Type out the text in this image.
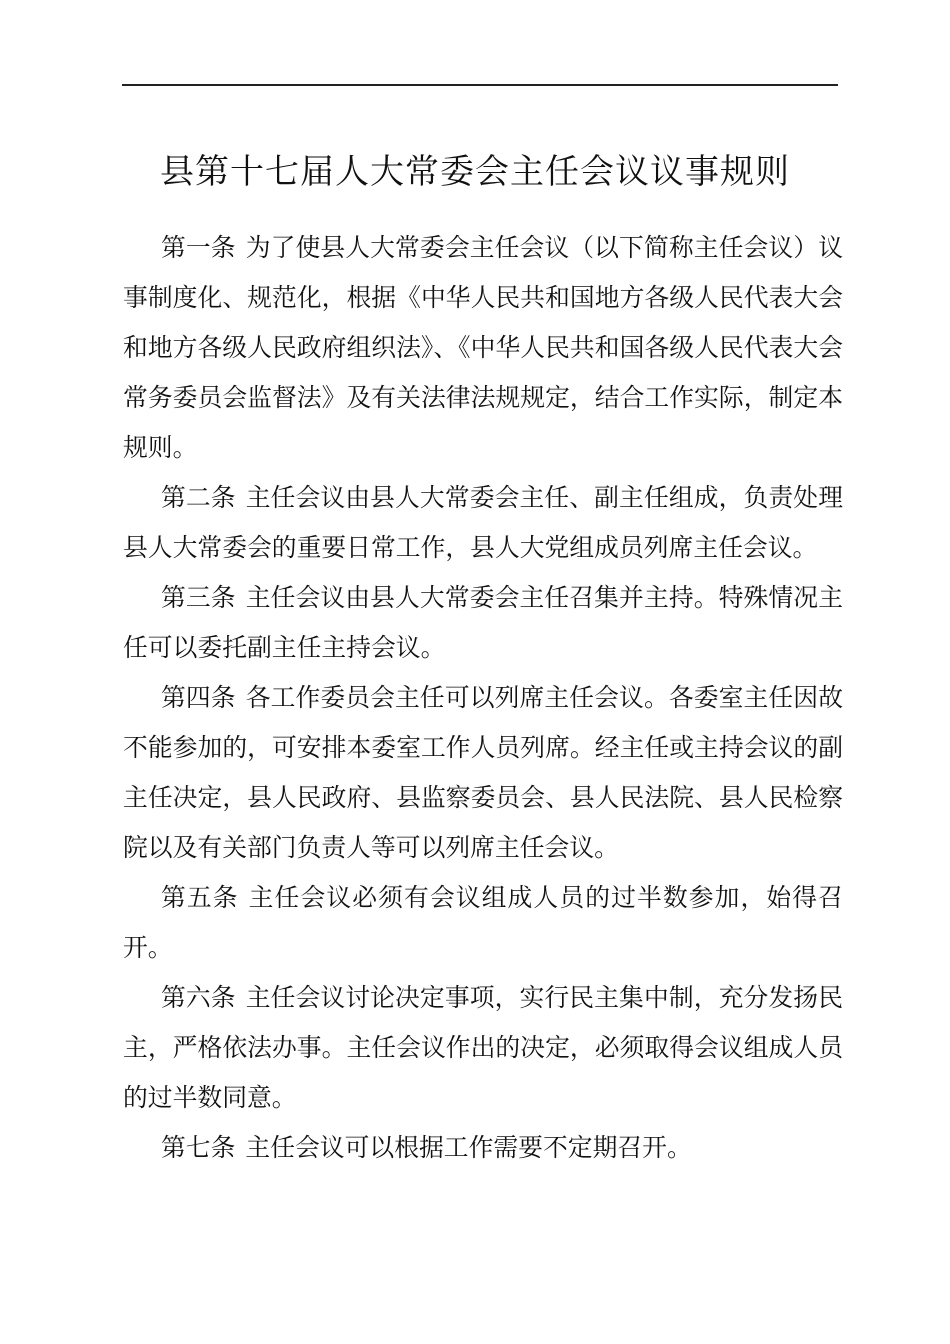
县第十七届人大常委会主任会议议事规则

第一条 为了使县人大常委会主任会议（以下简称主任会议）议事制度化、规范化，根据《中华人民共和国地方各级人民代表大会和地方各级人民政府组织法》、《中华人民共和国各级人民代表大会常务委员会监督法》及有关法律法规规定，结合工作实际，制定本规则。

第二条 主任会议由县人大常委会主任、副主任组成，负责处理县人大常委会的重要日常工作，县人大党组成员列席主任会议。

第三条 主任会议由县人大常委会主任召集并主持。特殊情况主任可以委托副主任主持会议。

第四条 各工作委员会主任可以列席主任会议。各委室主任因故不能参加的，可安排本委室工作人员列席。经主任或主持会议的副主任决定，县人民政府、县监察委员会、县人民法院、县人民检察院以及有关部门负责人等可以列席主任会议。

第五条 主任会议必须有会议组成人员的过半数参加，始得召开。

第六条 主任会议讨论决定事项，实行民主集中制，充分发扬民主，严格依法办事。主任会议作出的决定，必须取得会议组成人员的过半数同意。

第七条 主任会议可以根据工作需要不定期召开。
